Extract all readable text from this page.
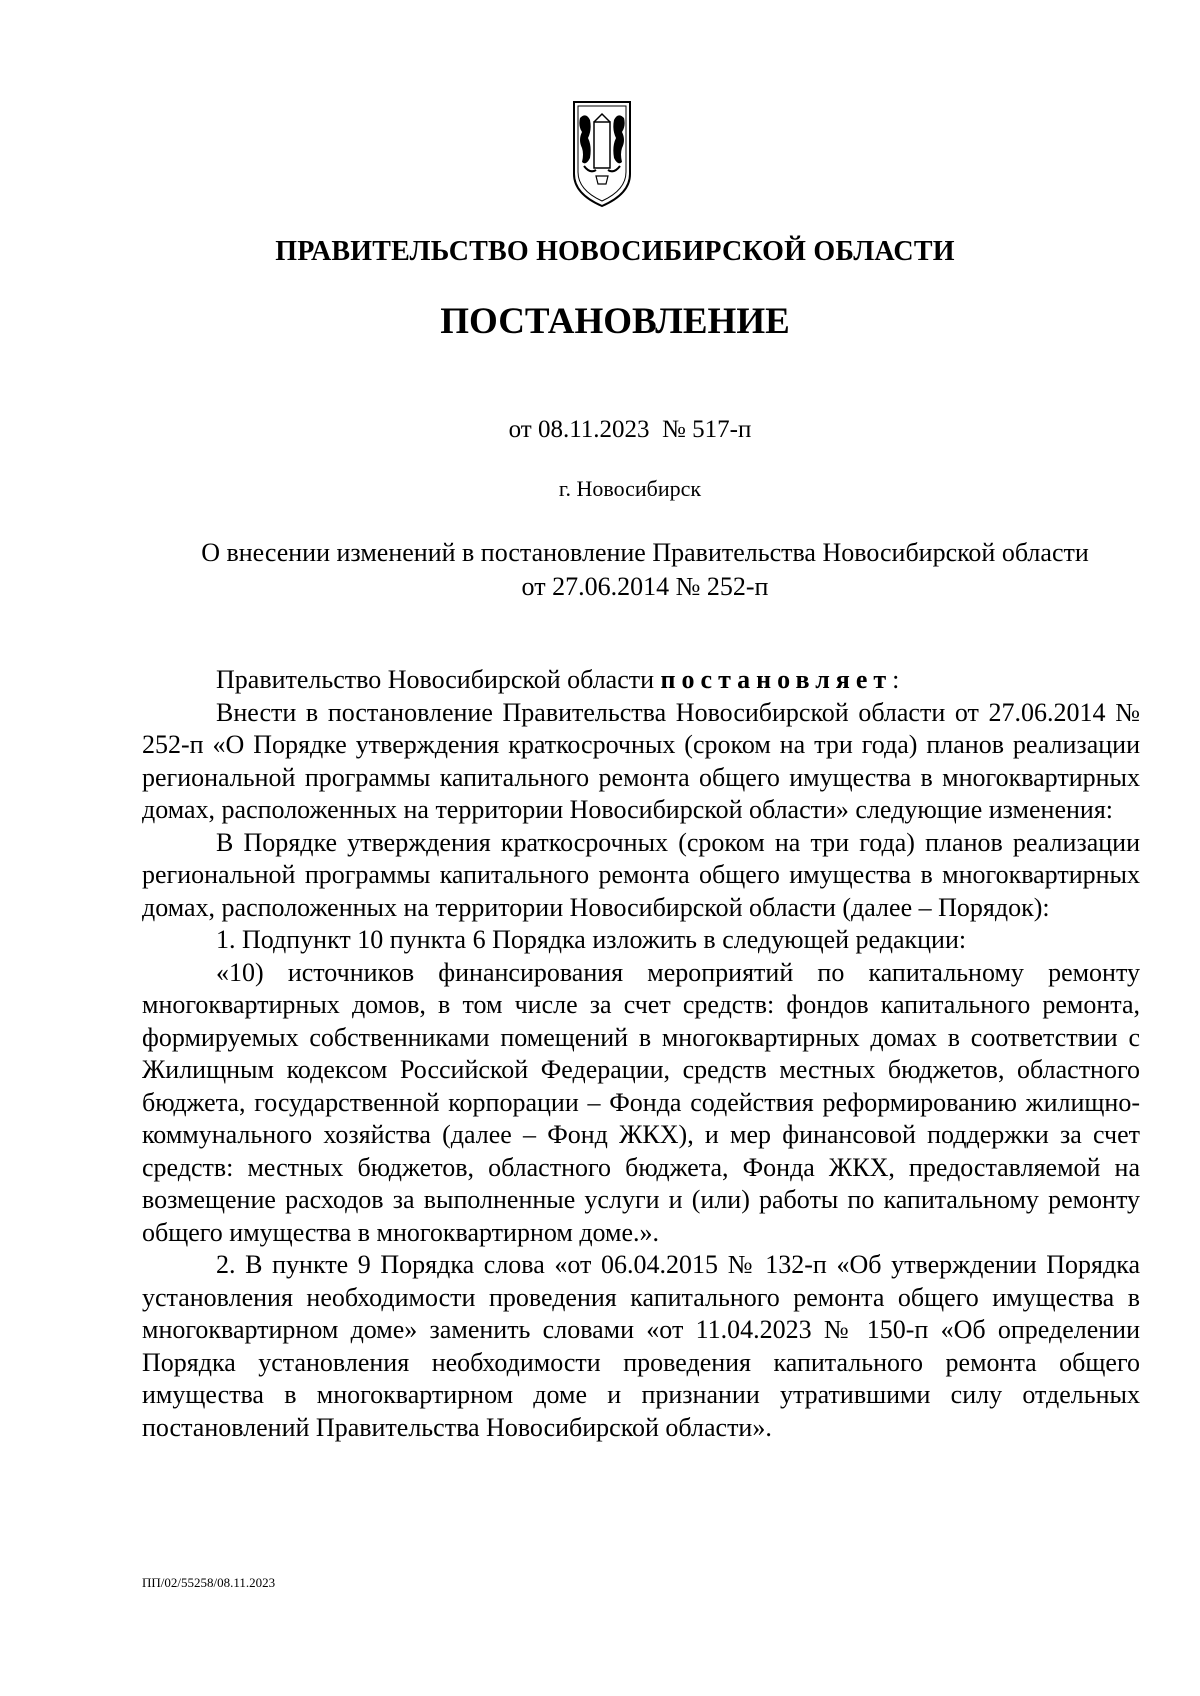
ПРАВИТЕЛЬСТВО НОВОСИБИРСКОЙ ОБЛАСТИ
ПОСТАНОВЛЕНИЕ
от 08.11.2023 № 517-п
г. Новосибирск
О внесении изменений в постановление Правительства Новосибирской области
от 27.06.2014 № 252-п

Правительство Новосибирской области постановляет:

Внести в постановление Правительства Новосибирской области от 27.06.2014 № 252-п «О Порядке утверждения краткосрочных (сроком на три года) планов реализации региональной программы капитального ремонта общего имущества в многоквартирных домах, расположенных на территории Новосибирской области» следующие изменения:

В Порядке утверждения краткосрочных (сроком на три года) планов реализации региональной программы капитального ремонта общего имущества в многоквартирных домах, расположенных на территории Новосибирской области (далее – Порядок):

1. Подпункт 10 пункта 6 Порядка изложить в следующей редакции:

«10) источников финансирования мероприятий по капитальному ремонту многоквартирных домов, в том числе за счет средств: фондов капитального ремонта, формируемых собственниками помещений в многоквартирных домах в соответствии с Жилищным кодексом Российской Федерации, средств местных бюджетов, областного бюджета, государственной корпорации – Фонда содействия реформированию жилищно-коммунального хозяйства (далее – Фонд ЖКХ), и мер финансовой поддержки за счет средств: местных бюджетов, областного бюджета, Фонда ЖКХ, предоставляемой на возмещение расходов за выполненные услуги и (или) работы по капитальному ремонту общего имущества в многоквартирном доме.».

2. В пункте 9 Порядка слова «от 06.04.2015 № 132-п «Об утверждении Порядка установления необходимости проведения капитального ремонта общего имущества в многоквартирном доме» заменить словами «от 11.04.2023 № 150-п «Об определении Порядка установления необходимости проведения капитального ремонта общего имущества в многоквартирном доме и признании утратившими силу отдельных постановлений Правительства Новосибирской области».

ПП/02/55258/08.11.2023
